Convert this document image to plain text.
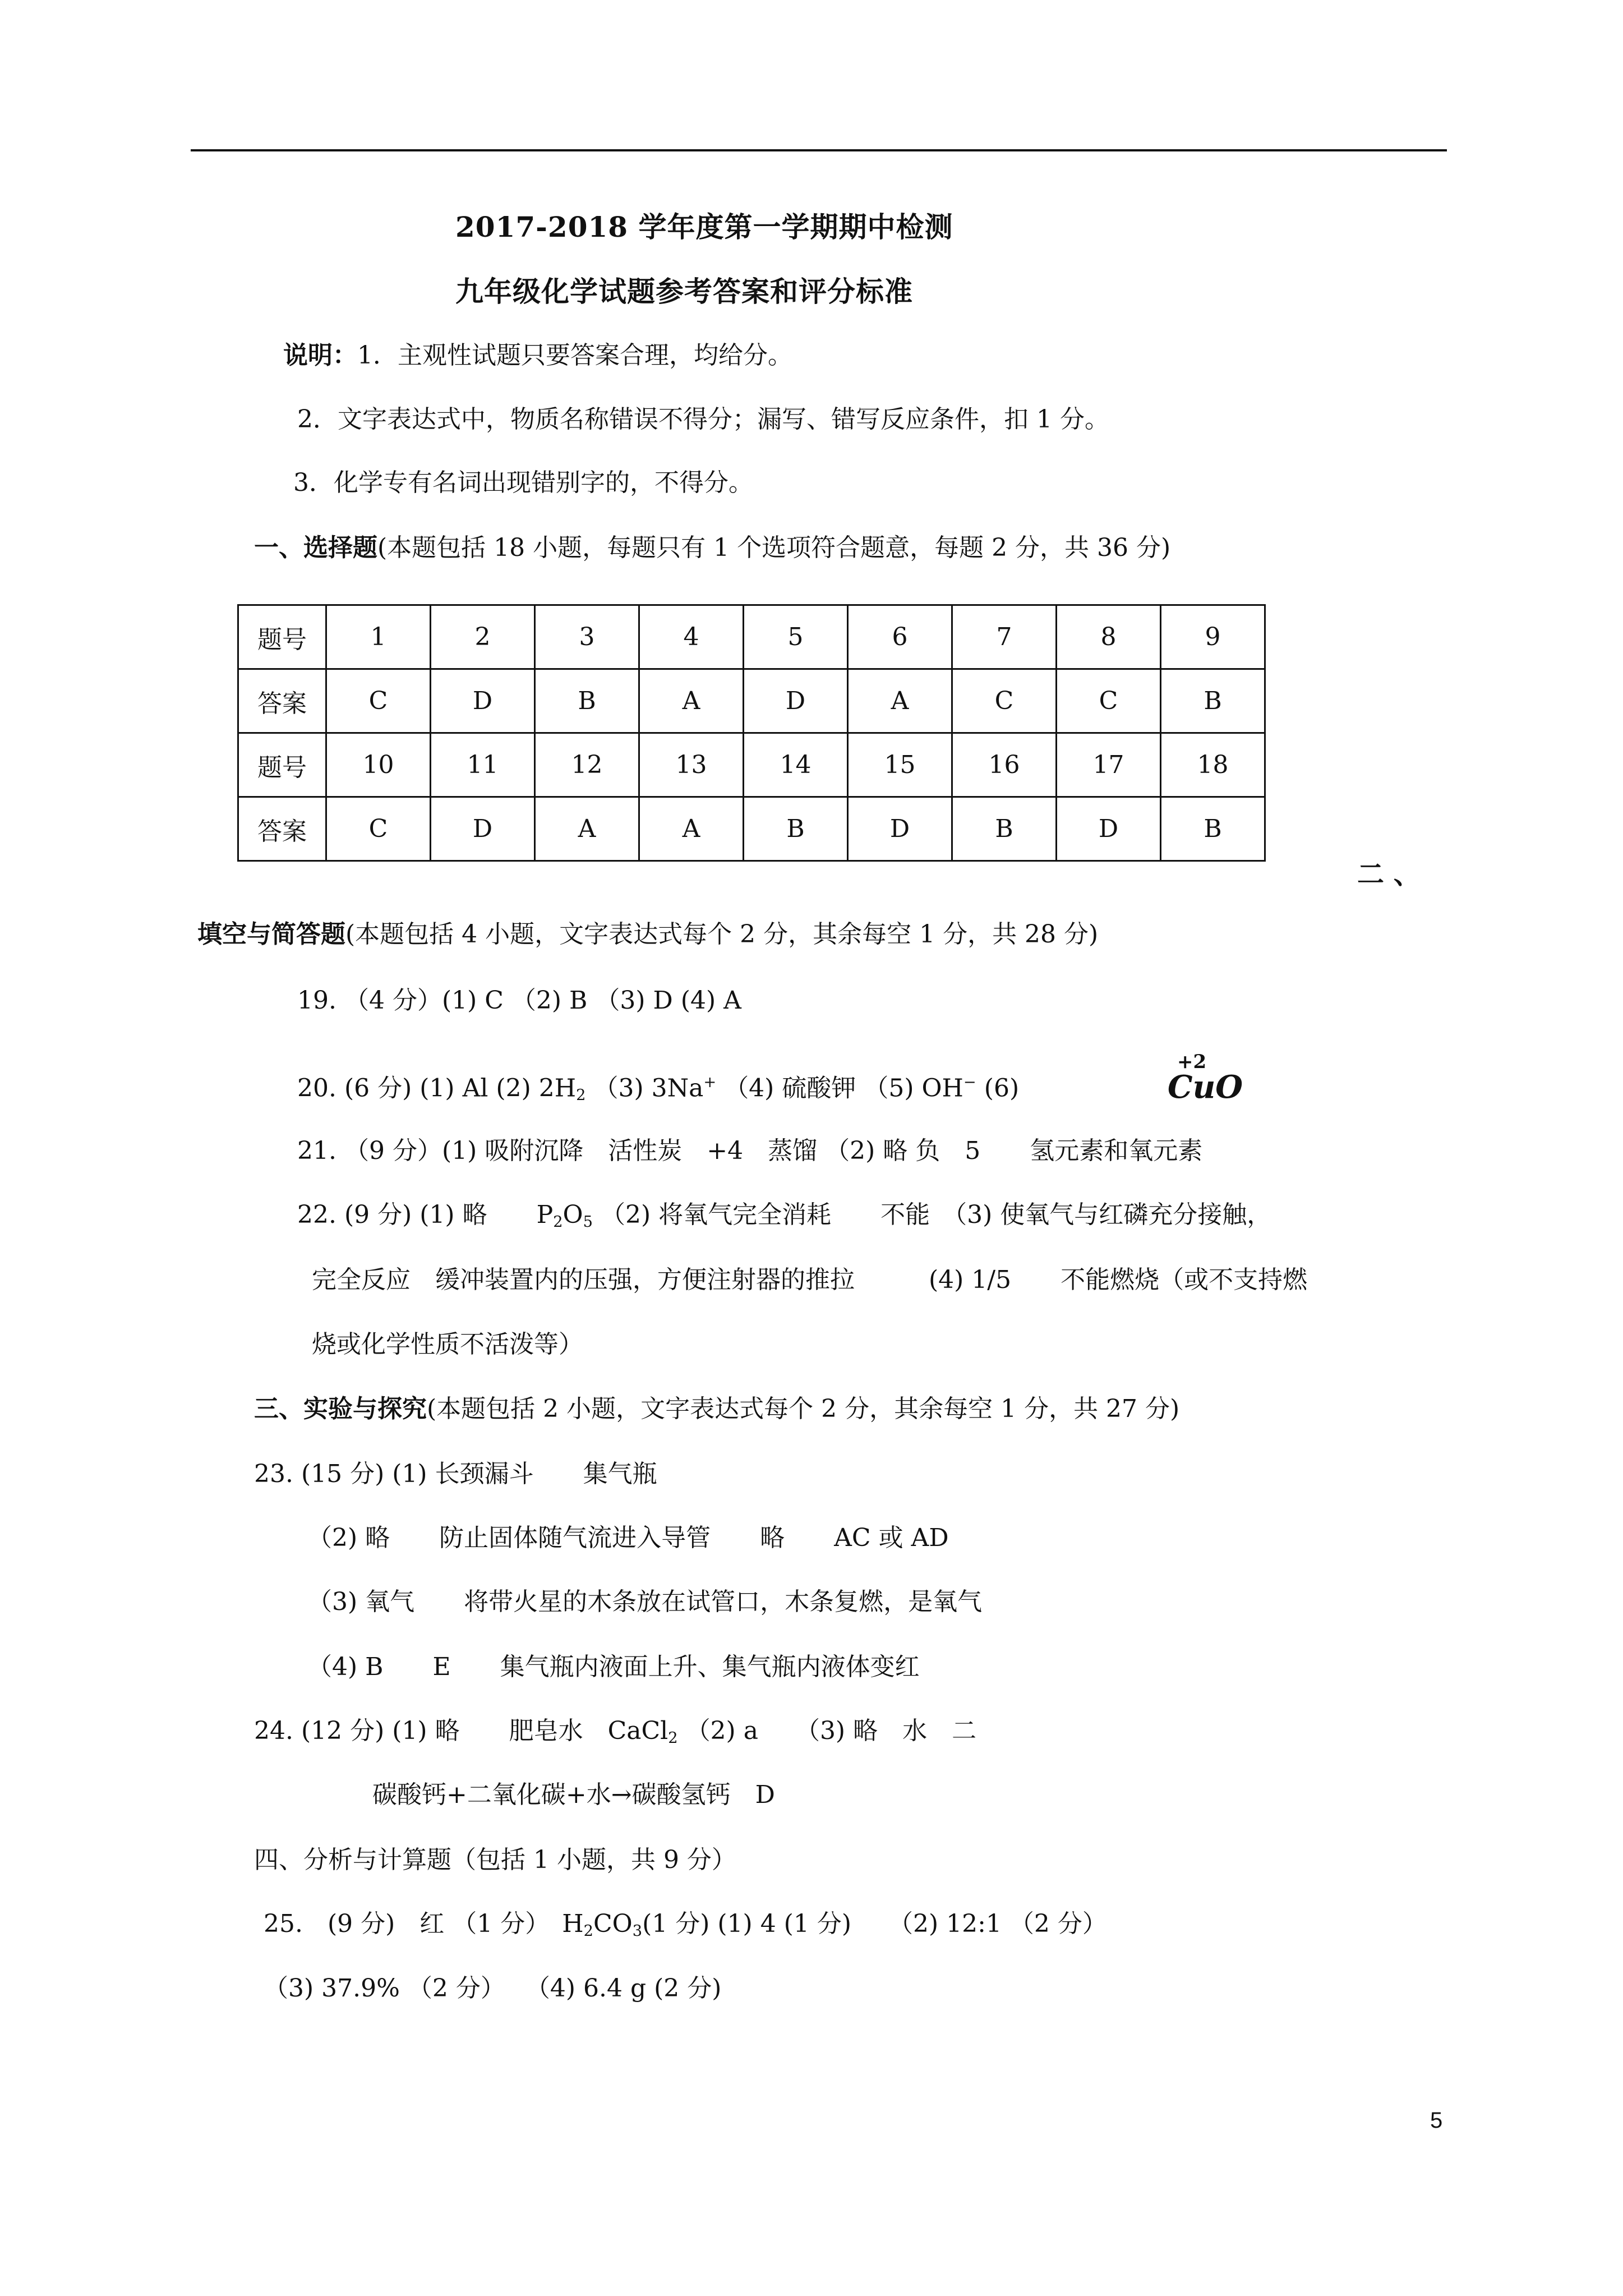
2017-2018 学年度第一学期期中检测
九年级化学试题参考答案和评分标准
说明：1．主观性试题只要答案合理，均给分。
2．文字表达式中，物质名称错误不得分；漏写、错写反应条件，扣 1 分。
3．化学专有名词出现错别字的，不得分。
一、选择题(本题包括 18 小题，每题只有 1 个选项符合题意，每题 2 分，共 36 分)
题号	1	2	3	4	5	6	7	8	9
答案	C	D	B	A	D	A	C	C	B
题号	10	11	12	13	14	15	16	17	18
答案	C	D	A	A	B	D	B	D	B
二 、
填空与简答题(本题包括 4 小题，文字表达式每个 2 分，其余每空 1 分，共 28 分)
19. （4 分）(1) C （2) B （3) D (4) A
20. (6 分) (1) Al (2) $2H_2$ （3) 3Na+ （4) 硫酸钾 （5) OH− (6)
+2
CuO
21. （9 分）(1) 吸附沉降　活性炭　+4　蒸馏 （2) 略 负　5　　氢元素和氧元素
22. (9 分) (1) 略　　$P_2O_5$ （2) 将氧气完全消耗　　不能　（3) 使氧气与红磷充分接触，
完全反应　缓冲装置内的压强，方便注射器的推拉　　　(4) 1/5　　不能燃烧（或不支持燃
烧或化学性质不活泼等）
三、实验与探究(本题包括 2 小题，文字表达式每个 2 分，其余每空 1 分，共 27 分)
23. (15 分) (1) 长颈漏斗　　集气瓶
（2) 略　　防止固体随气流进入导管　　略　　AC 或 AD
（3) 氧气　　将带火星的木条放在试管口，木条复燃，是氧气
（4) B　　E　　集气瓶内液面上升、集气瓶内液体变红
24. (12 分) (1) 略　　肥皂水　CaCl$_2$ （2) a　　（3) 略　水　二
碳酸钙+二氧化碳+水→碳酸氢钙　D
四、分析与计算题（包括 1 小题，共 9 分）
25.　(9 分)　红 （1 分）　$H_2CO_3(1$ 分) (1) 4 (1 分)　　（2) 12:1 （2 分）
（3) 37.9% （2 分）　 （4) 6.4 g (2 分)
5
